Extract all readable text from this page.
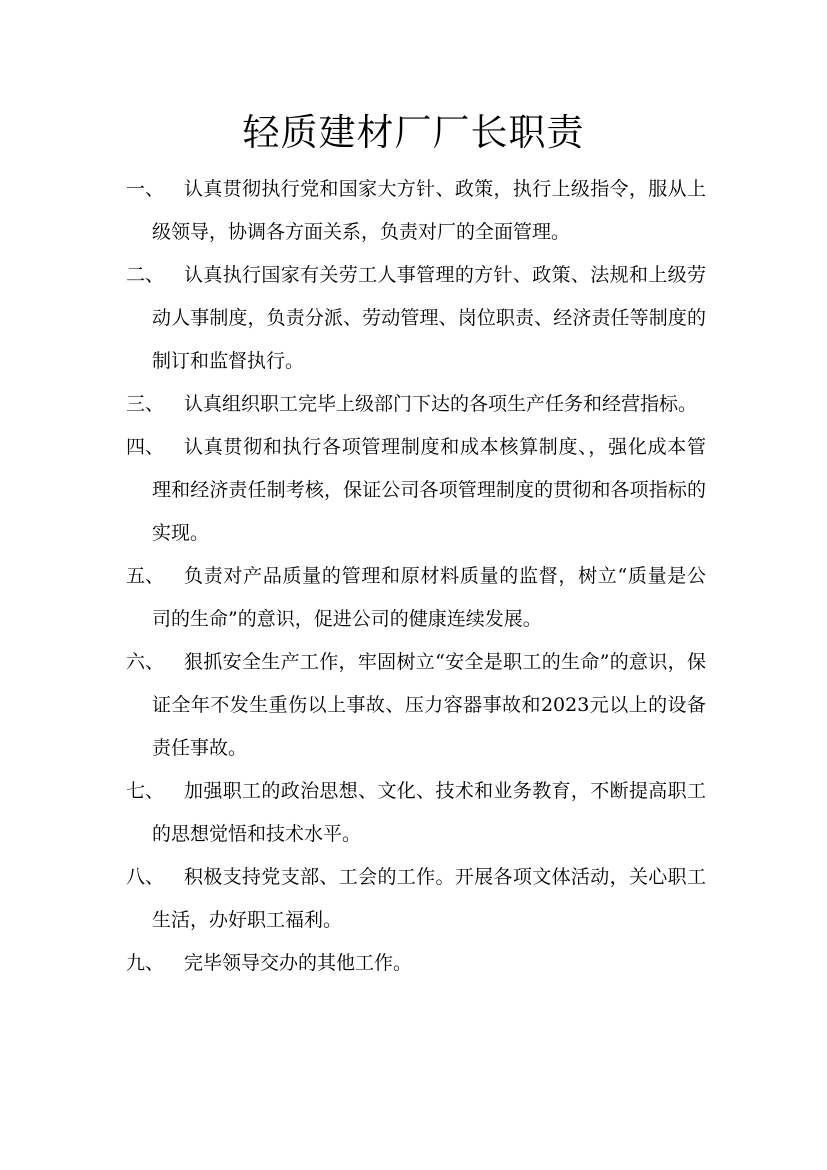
轻质建材厂厂长职责
一、	认真贯彻执行党和国家大方针、政策，执行上级指令，服从上级领导，协调各方面关系，负责对厂的全面管理。
二、	认真执行国家有关劳工人事管理的方针、政策、法规和上级劳动人事制度，负责分派、劳动管理、岗位职责、经济责任等制度的制订和监督执行。
三、	认真组织职工完毕上级部门下达的各项生产任务和经营指标。
四、	认真贯彻和执行各项管理制度和成本核算制度、，强化成本管理和经济责任制考核，保证公司各项管理制度的贯彻和各项指标的实现。
五、	负责对产品质量的管理和原材料质量的监督，树立“质量是公司的生命”的意识，促进公司的健康连续发展。
六、	狠抓安全生产工作，牢固树立“安全是职工的生命”的意识，保证全年不发生重伤以上事故、压力容器事故和2023元以上的设备责任事故。
七、	加强职工的政治思想、文化、技术和业务教育，不断提高职工的思想觉悟和技术水平。
八、	积极支持党支部、工会的工作。开展各项文体活动，关心职工生活，办好职工福利。
九、	完毕领导交办的其他工作。
